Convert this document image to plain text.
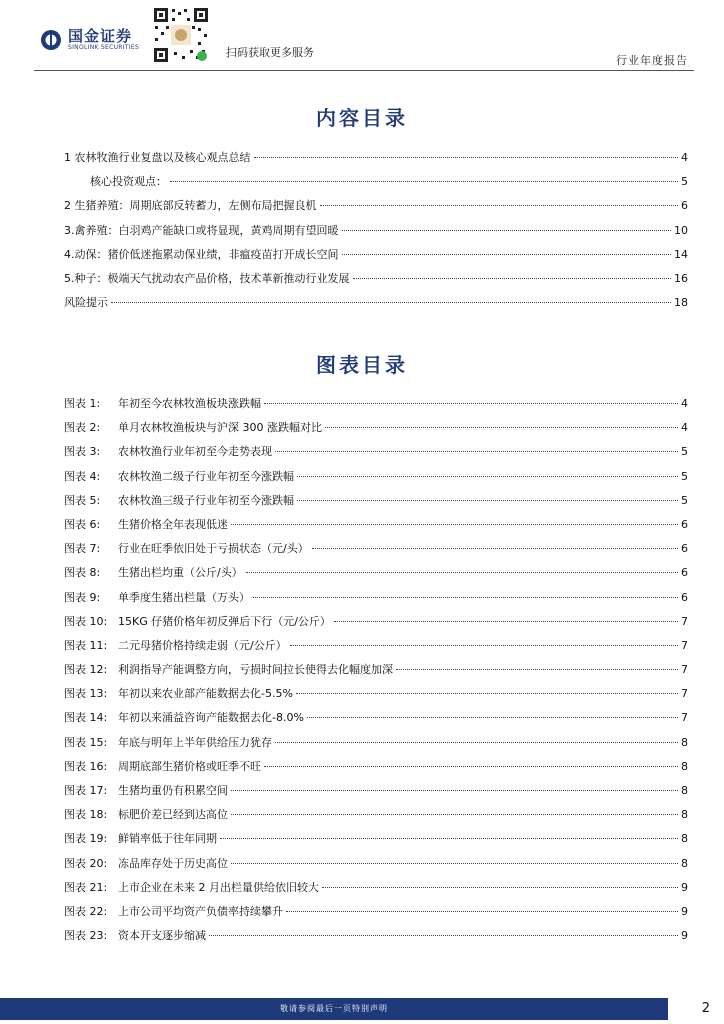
国金证券
SINOLINK SECURITIES	扫码获取更多服务
行业年度报告
内容目录
1 农林牧渔行业复盘以及核心观点总结	4
核心投资观点：	5
2 生猪养殖：周期底部反转蓄力，左侧布局把握良机	6
3.禽养殖：白羽鸡产能缺口或将显现，黄鸡周期有望回暖	10
4.动保：猪价低迷拖累动保业绩，非瘟疫苗打开成长空间	14
5.种子：极端天气扰动农产品价格，技术革新推动行业发展	16
风险提示	18
图表目录
图表 1: 年初至今农林牧渔板块涨跌幅	4
图表 2: 单月农林牧渔板块与沪深 300 涨跌幅对比	4
图表 3: 农林牧渔行业年初至今走势表现	5
图表 4: 农林牧渔二级子行业年初至今涨跌幅	5
图表 5: 农林牧渔三级子行业年初至今涨跌幅	5
图表 6: 生猪价格全年表现低迷	6
图表 7: 行业在旺季依旧处于亏损状态（元/头）	6
图表 8: 生猪出栏均重（公斤/头）	6
图表 9: 单季度生猪出栏量（万头）	6
图表 10: 15KG 仔猪价格年初反弹后下行（元/公斤）	7
图表 11: 二元母猪价格持续走弱（元/公斤）	7
图表 12: 利润指导产能调整方向，亏损时间拉长使得去化幅度加深	7
图表 13: 年初以来农业部产能数据去化-5.5%	7
图表 14: 年初以来涌益咨询产能数据去化-8.0%	7
图表 15: 年底与明年上半年供给压力犹存	8
图表 16: 周期底部生猪价格或旺季不旺	8
图表 17: 生猪均重仍有积累空间	8
图表 18: 标肥价差已经到达高位	8
图表 19: 鲜销率低于往年同期	8
图表 20: 冻品库存处于历史高位	8
图表 21: 上市企业在未来 2 月出栏量供给依旧较大	9
图表 22: 上市公司平均资产负债率持续攀升	9
图表 23: 资本开支逐步缩减	9
敬请参阅最后一页特别声明	2
